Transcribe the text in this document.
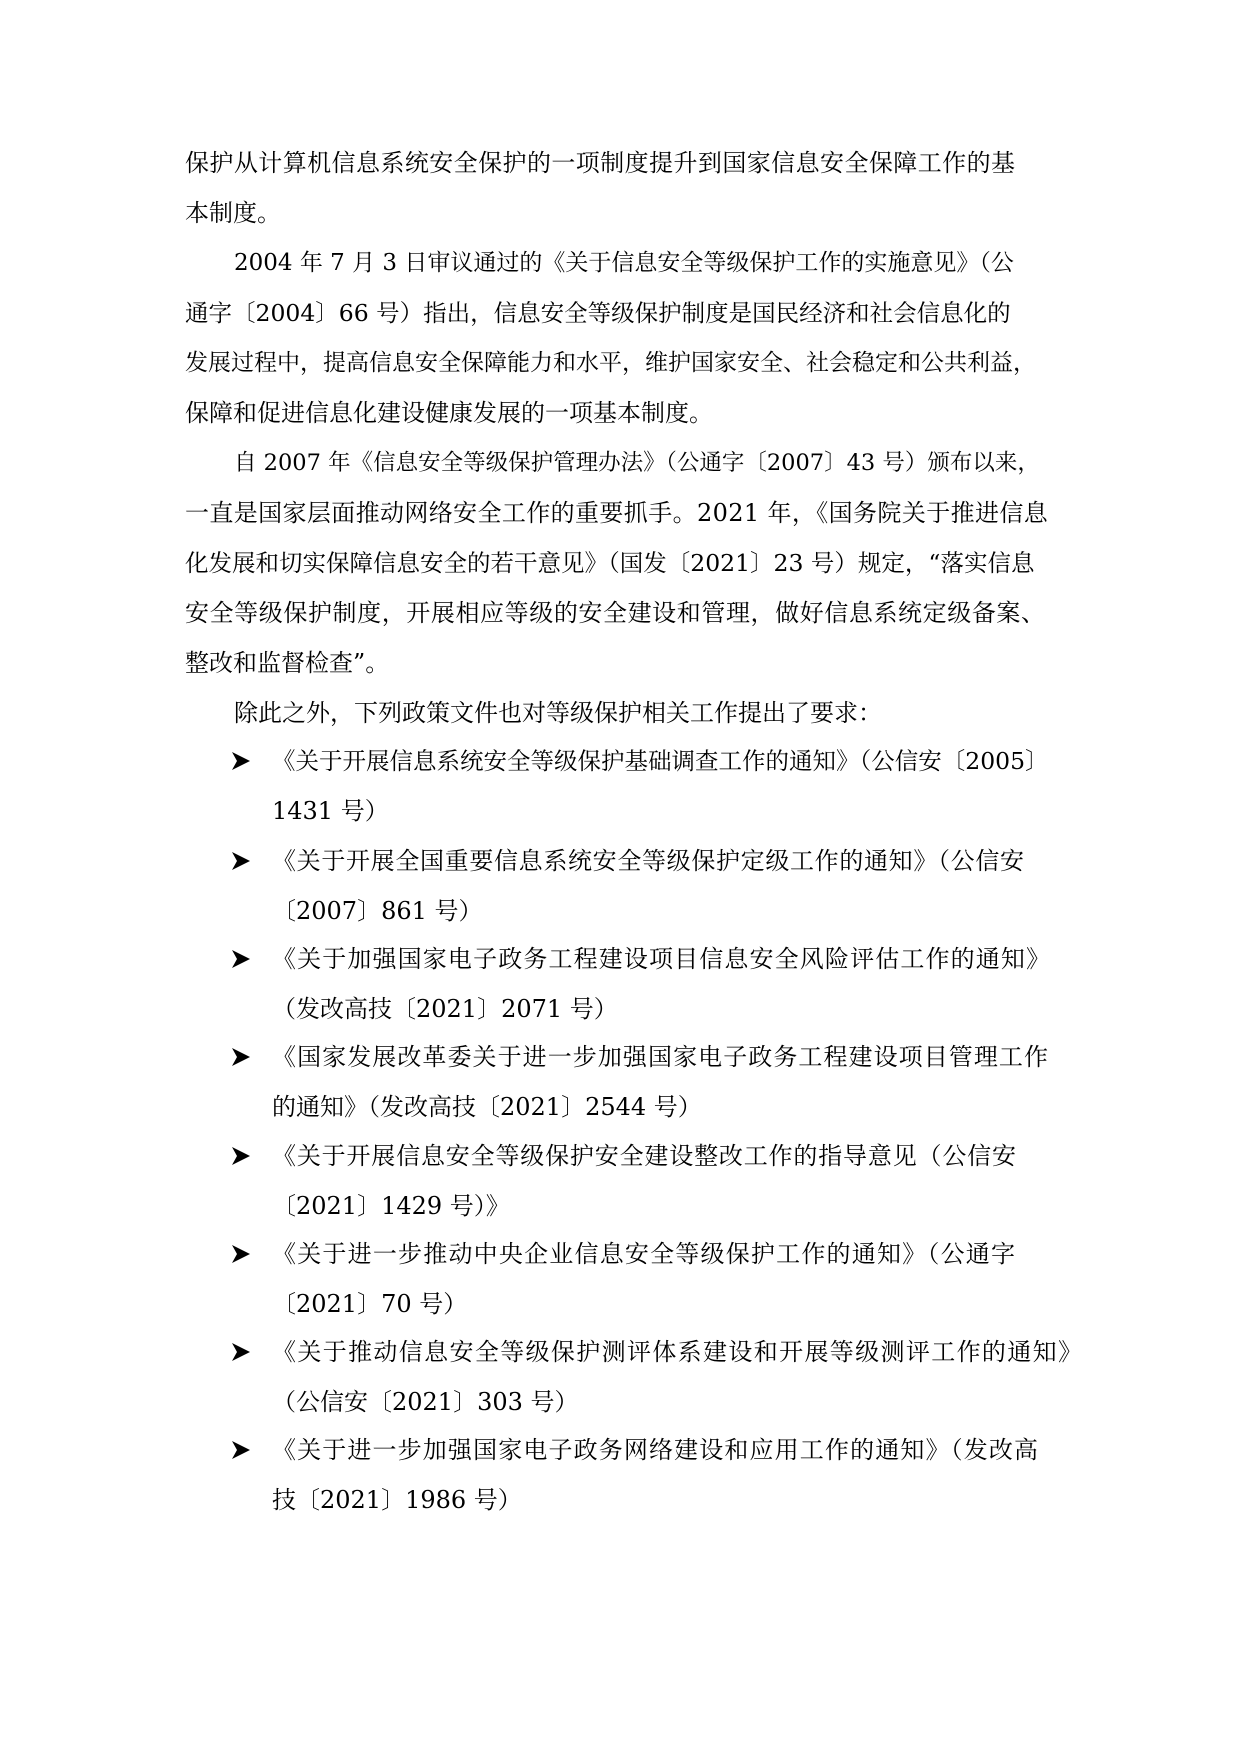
保护从计算机信息系统安全保护的一项制度提升到国家信息安全保障工作的基
本制度。
2004 年 7 月 3 日审议通过的《关于信息安全等级保护工作的实施意见》（公
通字〔2004〕66 号）指出，信息安全等级保护制度是国民经济和社会信息化的
发展过程中，提高信息安全保障能力和水平，维护国家安全、社会稳定和公共利益，
保障和促进信息化建设健康发展的一项基本制度。
自 2007 年《信息安全等级保护管理办法》（公通字〔2007〕43 号）颁布以来，
一直是国家层面推动网络安全工作的重要抓手。2021 年，《国务院关于推进信息
化发展和切实保障信息安全的若干意见》（国发〔2021〕23 号）规定，“落实信息
安全等级保护制度，开展相应等级的安全建设和管理，做好信息系统定级备案、
整改和监督检查”。
除此之外，下列政策文件也对等级保护相关工作提出了要求：
《关于开展信息系统安全等级保护基础调查工作的通知》（公信安〔2005〕
1431 号）
《关于开展全国重要信息系统安全等级保护定级工作的通知》（公信安
〔2007〕861 号）
《关于加强国家电子政务工程建设项目信息安全风险评估工作的通知》
（发改高技〔2021〕2071 号）
《国家发展改革委关于进一步加强国家电子政务工程建设项目管理工作
的通知》（发改高技〔2021〕2544 号）
《关于开展信息安全等级保护安全建设整改工作的指导意见（公信安
〔2021〕1429 号）》
《关于进一步推动中央企业信息安全等级保护工作的通知》（公通字
〔2021〕70 号）
《关于推动信息安全等级保护测评体系建设和开展等级测评工作的通知》
（公信安〔2021〕303 号）
《关于进一步加强国家电子政务网络建设和应用工作的通知》（发改高
技〔2021〕1986 号）
